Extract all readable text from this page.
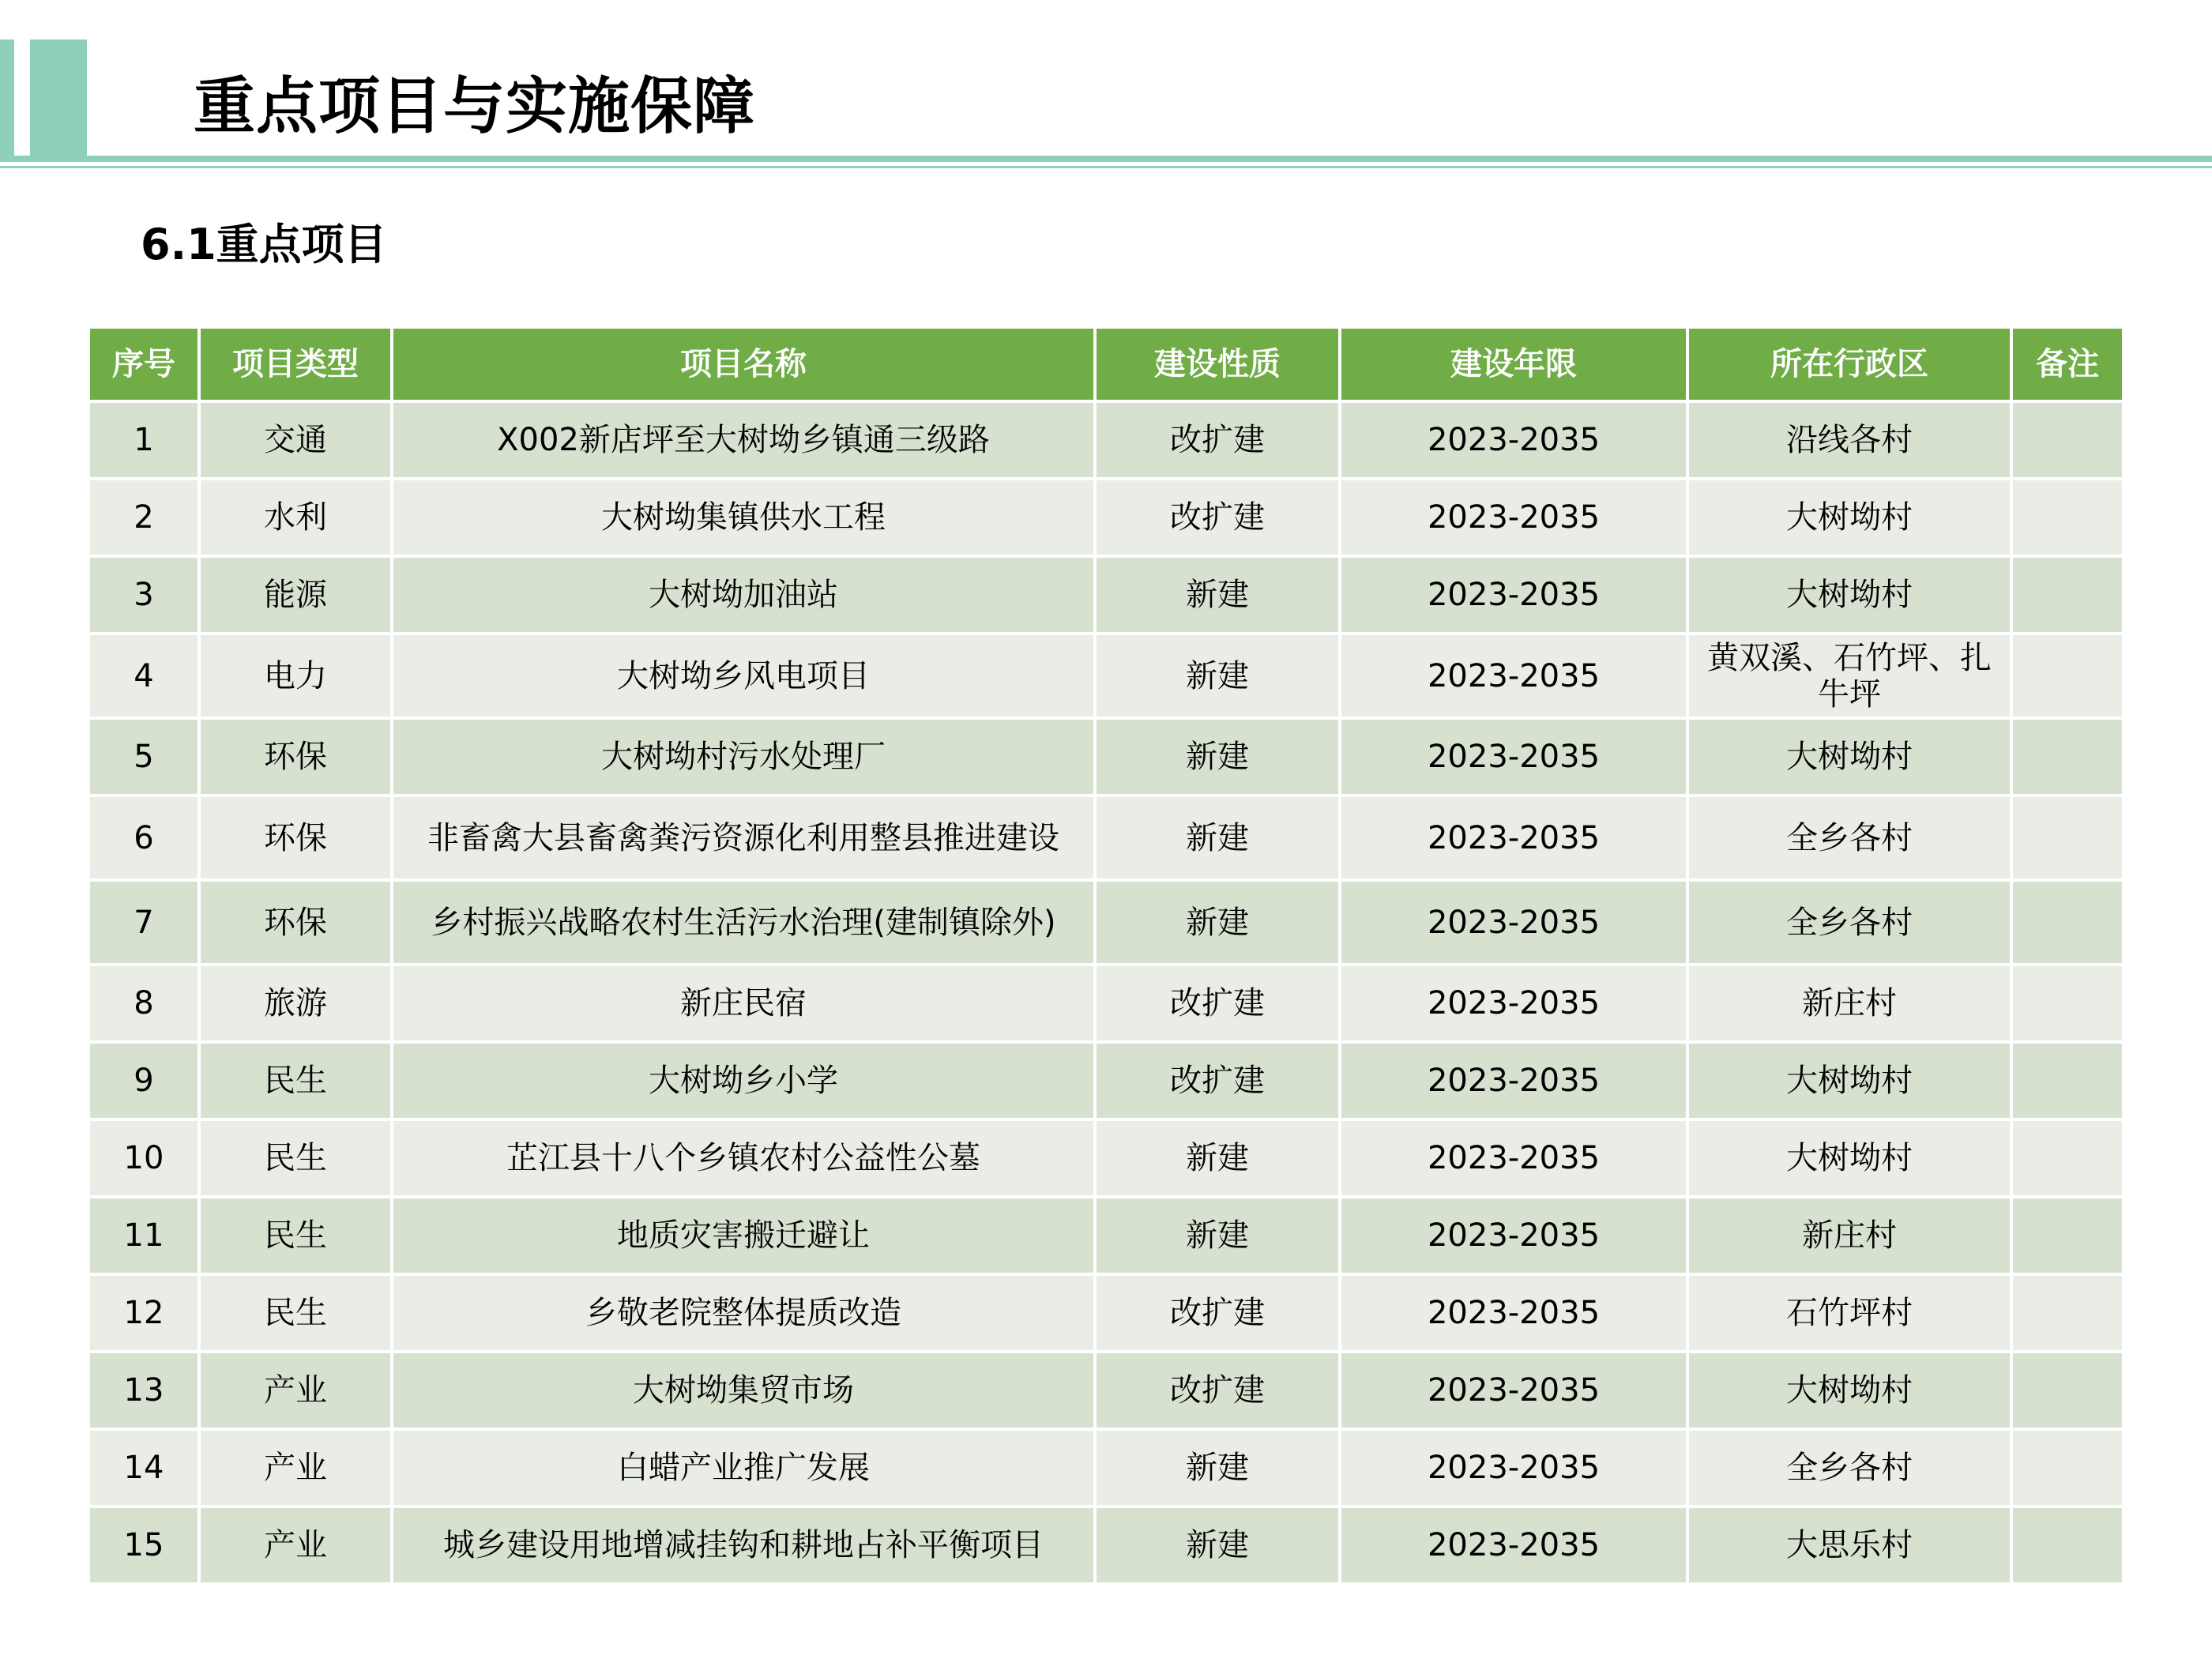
重点项目与实施保障
6.1重点项目
序号	项目类型	项目名称	建设性质	建设年限	所在行政区	备注
1	交通	X002新店坪至大树坳乡镇通三级路	改扩建	2023-2035	沿线各村	
2	水利	大树坳集镇供水工程	改扩建	2023-2035	大树坳村	
3	能源	大树坳加油站	新建	2023-2035	大树坳村	
4	电力	大树坳乡风电项目	新建	2023-2035	黄双溪、石竹坪、扎牛坪	
5	环保	大树坳村污水处理厂	新建	2023-2035	大树坳村	
6	环保	非畜禽大县畜禽粪污资源化利用整县推进建设	新建	2023-2035	全乡各村	
7	环保	乡村振兴战略农村生活污水治理(建制镇除外)	新建	2023-2035	全乡各村	
8	旅游	新庄民宿	改扩建	2023-2035	新庄村	
9	民生	大树坳乡小学	改扩建	2023-2035	大树坳村	
10	民生	芷江县十八个乡镇农村公益性公墓	新建	2023-2035	大树坳村	
11	民生	地质灾害搬迁避让	新建	2023-2035	新庄村	
12	民生	乡敬老院整体提质改造	改扩建	2023-2035	石竹坪村	
13	产业	大树坳集贸市场	改扩建	2023-2035	大树坳村	
14	产业	白蜡产业推广发展	新建	2023-2035	全乡各村	
15	产业	城乡建设用地增减挂钩和耕地占补平衡项目	新建	2023-2035	大思乐村	
